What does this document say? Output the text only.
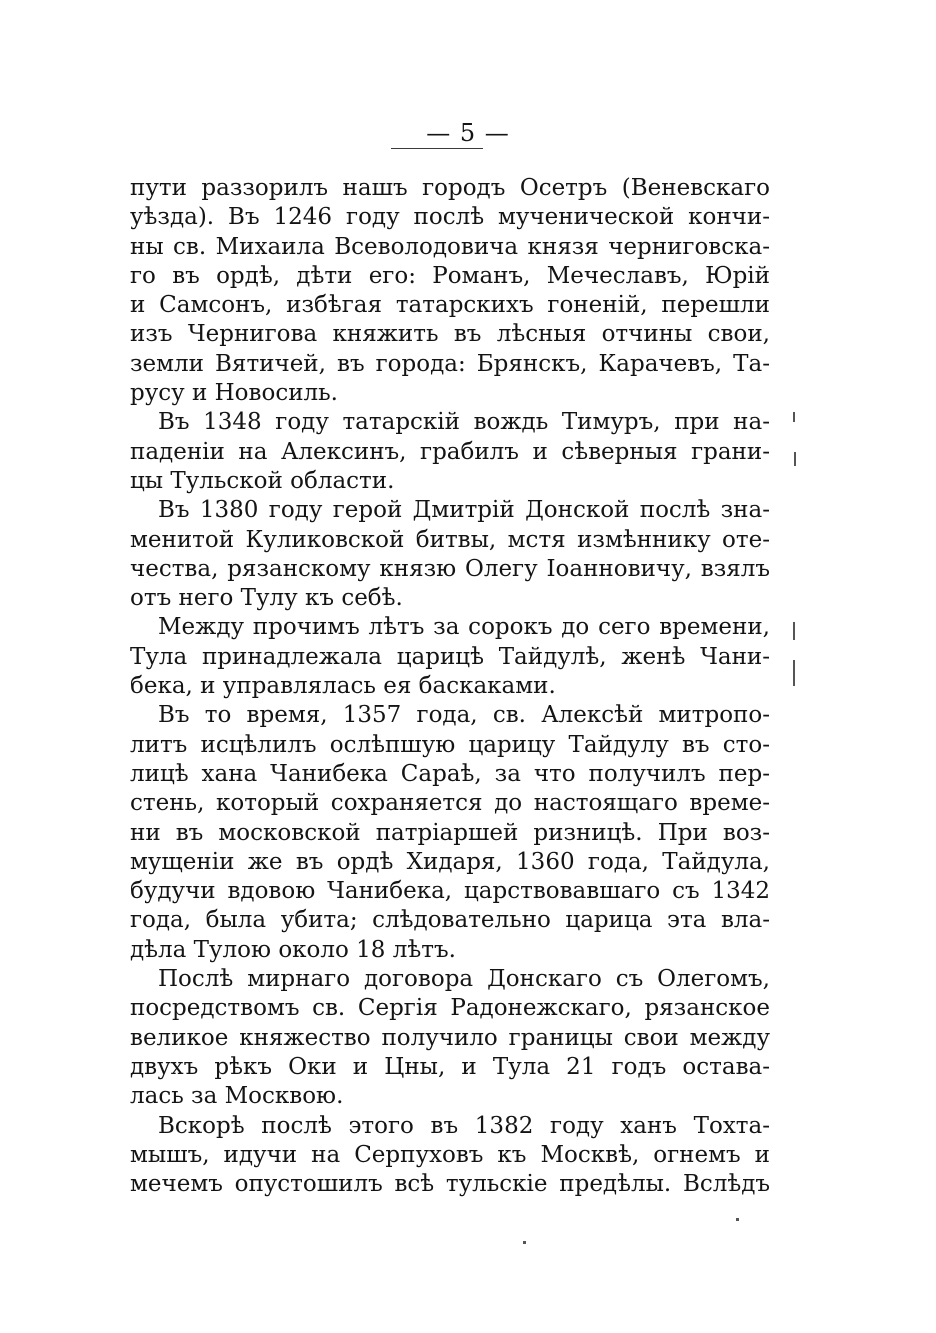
— 5 —
пути раззорилъ нашъ городъ Осетръ (Веневскаго
уѣзда). Въ 1246 году послѣ мученической кончи-
ны св. Михаила Всеволодовича князя черниговска-
го въ ордѣ, дѣти его: Романъ, Мечеславъ, Юрій
и Самсонъ, избѣгая татарскихъ гоненій, перешли
изъ Чернигова княжить въ лѣсныя отчины свои,
земли Вятичей, въ города: Брянскъ, Карачевъ, Та-
русу и Новосиль.
Въ 1348 году татарскій вождь Тимуръ, при на-
паденіи на Алексинъ, грабилъ и сѣверныя грани-
цы Тульской области.
Въ 1380 году герой Дмитрій Донской послѣ зна-
менитой Куликовской битвы, мстя измѣннику оте-
чества, рязанскому князю Олегу Іоанновичу, взялъ
отъ него Тулу къ себѣ.
Между прочимъ лѣтъ за сорокъ до сего времени,
Тула принадлежала царицѣ Тайдулѣ, женѣ Чани-
бека, и управлялась ея баскаками.
Въ то время, 1357 года, св. Алексѣй митропо-
литъ исцѣлилъ ослѣпшую царицу Тайдулу въ сто-
лицѣ хана Чанибека Сараѣ, за что получилъ пер-
стень, который сохраняется до настоящаго време-
ни въ московской патріаршей ризницѣ. При воз-
мущеніи же въ ордѣ Хидаря, 1360 года, Тайдула,
будучи вдовою Чанибека, царствовавшаго съ 1342
года, была убита; слѣдовательно царица эта вла-
дѣла Тулою около 18 лѣтъ.
Послѣ мирнаго договора Донскаго съ Олегомъ,
посредствомъ св. Сергія Радонежскаго, рязанское
великое княжество получило границы свои между
двухъ рѣкъ Оки и Цны, и Тула 21 годъ остава-
лась за Москвою.
Вскорѣ послѣ этого въ 1382 году ханъ Тохта-
мышъ, идучи на Серпуховъ къ Москвѣ, огнемъ и
мечемъ опустошилъ всѣ тульскіе предѣлы. Вслѣдъ
